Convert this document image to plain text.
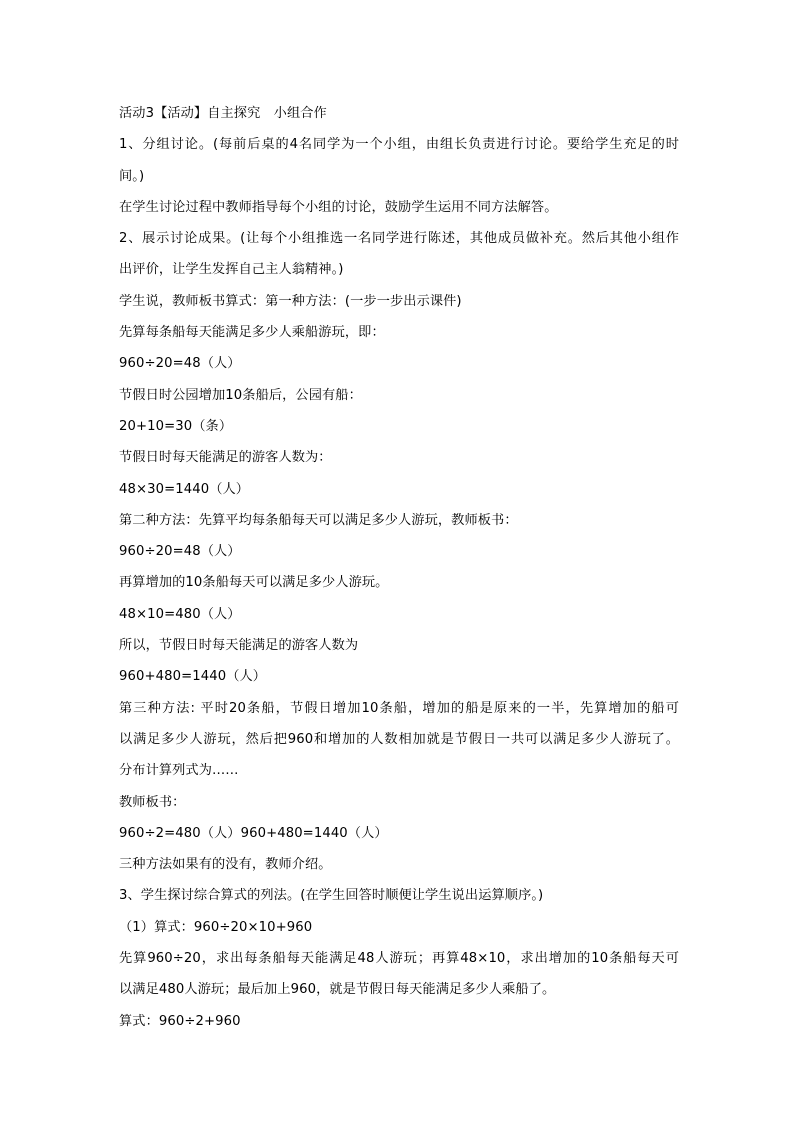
活动3【活动】自主探究　小组合作
1、分组讨论。(每前后桌的4名同学为一个小组，由组长负责进行讨论。要给学生充足的时
间。)
在学生讨论过程中教师指导每个小组的讨论，鼓励学生运用不同方法解答。
2、展示讨论成果。(让每个小组推选一名同学进行陈述，其他成员做补充。然后其他小组作
出评价，让学生发挥自己主人翁精神。)
学生说，教师板书算式：第一种方法：(一步一步出示课件)
先算每条船每天能满足多少人乘船游玩，即：
960÷20=48（人）
节假日时公园增加10条船后，公园有船：
20+10=30（条）
节假日时每天能满足的游客人数为：
48×30=1440（人）
第二种方法：先算平均每条船每天可以满足多少人游玩，教师板书：
960÷20=48（人）
再算增加的10条船每天可以满足多少人游玩。
48×10=480（人）
所以，节假日时每天能满足的游客人数为
960+480=1440（人）
第三种方法: 平时20条船，节假日增加10条船，增加的船是原来的一半，先算增加的船可
以满足多少人游玩，然后把960和增加的人数相加就是节假日一共可以满足多少人游玩了。
分布计算列式为……
教师板书：
960÷2=480（人）960+480=1440（人）
三种方法如果有的没有，教师介绍。
3、学生探讨综合算式的列法。(在学生回答时顺便让学生说出运算顺序。)
（1）算式：960÷20×10+960
先算960÷20，求出每条船每天能满足48人游玩；再算48×10，求出增加的10条船每天可
以满足480人游玩；最后加上960，就是节假日每天能满足多少人乘船了。
算式：960÷2+960
